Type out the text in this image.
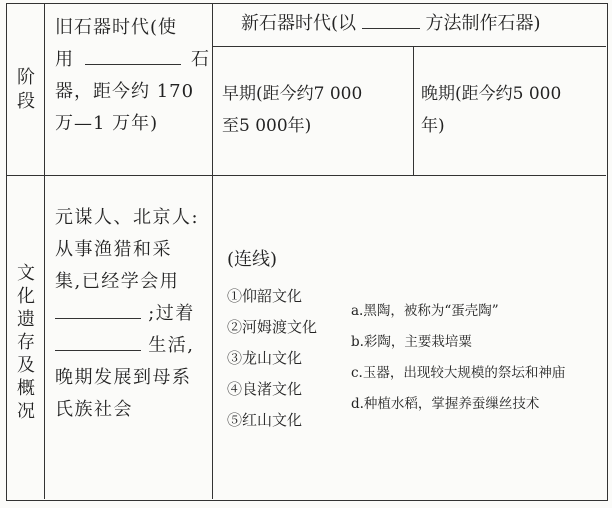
阶段
旧石器时代(使
用	石
器，距今约 170
万—1 万年)
新石器时代(以	方法制作石器)
早期(距今约7 000
至5 000年)
晚期(距今约5 000
年)
文化遗存及概况
元谋人、北京人:
从事渔猎和采
集,已经学会用
;过着
生活,
晚期发展到母系
氏族社会
(连线)
①仰韶文化
②河姆渡文化
③龙山文化
④良渚文化
⑤红山文化
a.黑陶，被称为“蛋壳陶”
b.彩陶，主要栽培粟
c.玉器，出现较大规模的祭坛和神庙
d.种植水稻，掌握养蚕缫丝技术
